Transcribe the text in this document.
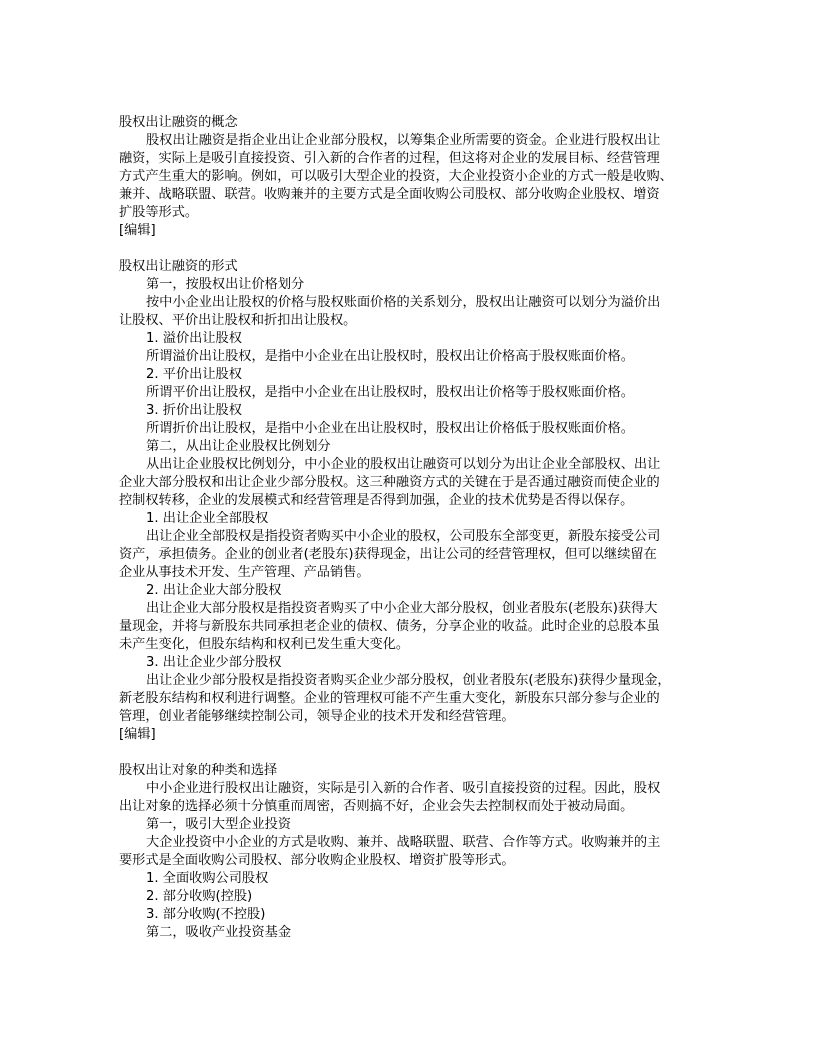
股权出让融资的概念
股权出让融资是指企业出让企业部分股权，以筹集企业所需要的资金。企业进行股权出让
融资，实际上是吸引直接投资、引入新的合作者的过程，但这将对企业的发展目标、经营管理
方式产生重大的影响。例如，可以吸引大型企业的投资，大企业投资小企业的方式一般是收购、
兼并、战略联盟、联营。收购兼并的主要方式是全面收购公司股权、部分收购企业股权、增资
扩股等形式。
[编辑]
股权出让融资的形式
第一，按股权出让价格划分
按中小企业出让股权的价格与股权账面价格的关系划分，股权出让融资可以划分为溢价出
让股权、平价出让股权和折扣出让股权。
1. 溢价出让股权
所谓溢价出让股权，是指中小企业在出让股权时，股权出让价格高于股权账面价格。
2. 平价出让股权
所谓平价出让股权，是指中小企业在出让股权时，股权出让价格等于股权账面价格。
3. 折价出让股权
所谓折价出让股权，是指中小企业在出让股权时，股权出让价格低于股权账面价格。
第二，从出让企业股权比例划分
从出让企业股权比例划分，中小企业的股权出让融资可以划分为出让企业全部股权、出让
企业大部分股权和出让企业少部分股权。这三种融资方式的关键在于是否通过融资而使企业的
控制权转移，企业的发展模式和经营管理是否得到加强，企业的技术优势是否得以保存。
1. 出让企业全部股权
出让企业全部股权是指投资者购买中小企业的股权，公司股东全部变更，新股东接受公司
资产，承担债务。企业的创业者(老股东)获得现金，出让公司的经营管理权，但可以继续留在
企业从事技术开发、生产管理、产品销售。
2. 出让企业大部分股权
出让企业大部分股权是指投资者购买了中小企业大部分股权，创业者股东(老股东)获得大
量现金，并将与新股东共同承担老企业的债权、债务，分享企业的收益。此时企业的总股本虽
未产生变化，但股东结构和权利已发生重大变化。
3. 出让企业少部分股权
出让企业少部分股权是指投资者购买企业少部分股权，创业者股东(老股东)获得少量现金，
新老股东结构和权利进行调整。企业的管理权可能不产生重大变化，新股东只部分参与企业的
管理，创业者能够继续控制公司，领导企业的技术开发和经营管理。
[编辑]
股权出让对象的种类和选择
中小企业进行股权出让融资，实际是引入新的合作者、吸引直接投资的过程。因此，股权
出让对象的选择必须十分慎重而周密，否则搞不好，企业会失去控制权而处于被动局面。
第一，吸引大型企业投资
大企业投资中小企业的方式是收购、兼并、战略联盟、联营、合作等方式。收购兼并的主
要形式是全面收购公司股权、部分收购企业股权、增资扩股等形式。
1. 全面收购公司股权
2. 部分收购(控股)
3. 部分收购(不控股)
第二，吸收产业投资基金
